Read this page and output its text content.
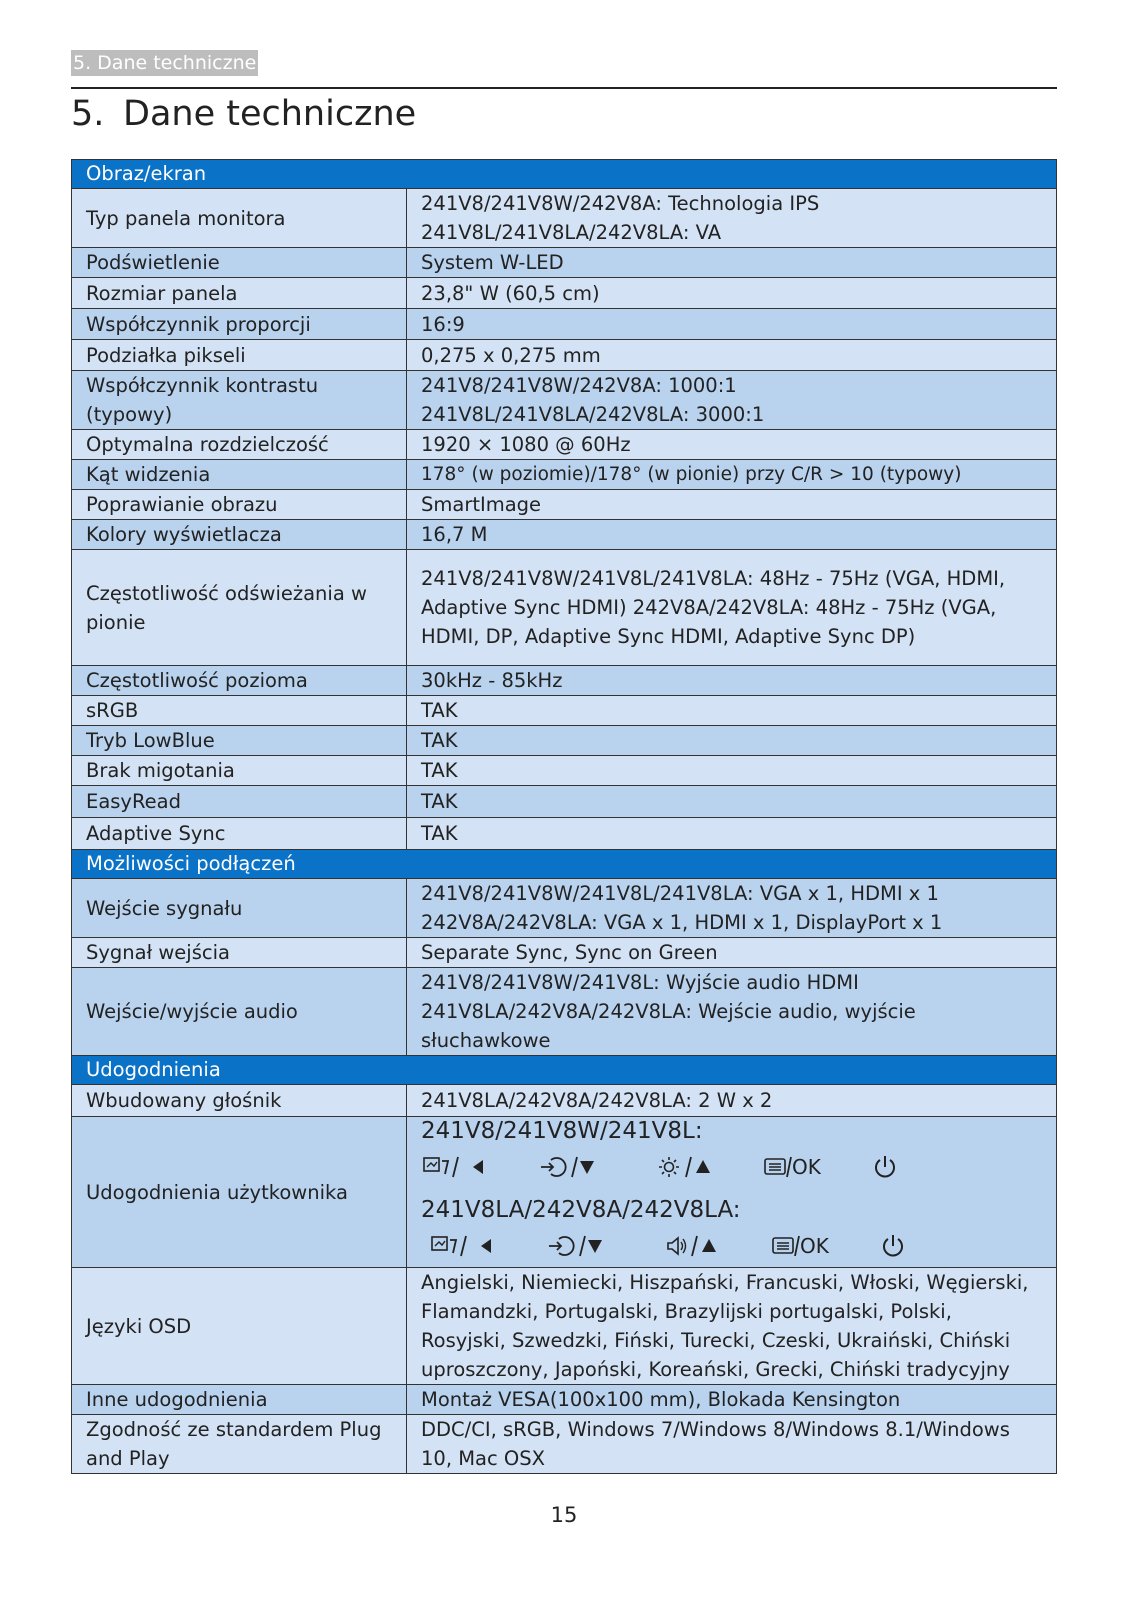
5. Dane techniczne
5. Dane techniczne
Obraz/ekran	
Typ panela monitora	241V8/241V8W/242V8A: Technologia IPS
241V8L/241V8LA/242V8LA: VA

Podświetlenie	System W-LED
Rozmiar panela	23,8" W (60,5 cm)
Współczynnik proporcji	16:9
Podziałka pikseli	0,275 x 0,275 mm
Współczynnik kontrastu (typowy)	241V8/241V8W/242V8A: 1000:1
241V8L/241V8LA/242V8LA: 3000:1

Optymalna rozdzielczość	1920 × 1080 @ 60Hz
Kąt widzenia	178° (w poziomie)/178° (w pionie) przy C/R > 10 (typowy)
Poprawianie obrazu	SmartImage
Kolory wyświetlacza	16,7 M
Częstotliwość odświeżania w pionie	241V8/241V8W/241V8L/241V8LA: 48Hz - 75Hz (VGA, HDMI, Adaptive Sync HDMI) 242V8A/242V8LA: 48Hz - 75Hz (VGA, HDMI, DP, Adaptive Sync HDMI, Adaptive Sync DP)
Częstotliwość pozioma	30kHz - 85kHz
sRGB	TAK
Tryb LowBlue	TAK
Brak migotania	TAK
EasyRead	TAK
Adaptive Sync	TAK
Możliwości podłączeń	
Wejście sygnału	241V8/241V8W/241V8L/241V8LA: VGA x 1, HDMI x 1
242V8A/242V8LA: VGA x 1, HDMI x 1, DisplayPort x 1

Sygnał wejścia	Separate Sync, Sync on Green
Wejście/wyjście audio	241V8/241V8W/241V8L: Wyjście audio HDMI
241V8LA/242V8A/242V8LA: Wejście audio, wyjście słuchawkowe

Udogodnienia	
Wbudowany głośnik	241V8LA/242V8A/242V8LA: 2 W x 2
Udogodnienia użytkownika	241V8/241V8W/241V8L:
OK
241V8LA/242V8A/242V8LA:
OK

Języki OSD	Angielski, Niemiecki, Hiszpański, Francuski, Włoski, Węgierski, Flamandzki, Portugalski, Brazylijski portugalski, Polski, Rosyjski, Szwedzki, Fiński, Turecki, Czeski, Ukraiński, Chiński uproszczony, Japoński, Koreański, Grecki, Chiński tradycyjny
Inne udogodnienia	Montaż VESA(100x100 mm), Blokada Kensington
Zgodność ze standardem Plug and Play	DDC/CI, sRGB, Windows 7/Windows 8/Windows 8.1/Windows 10, Mac OSX
15
